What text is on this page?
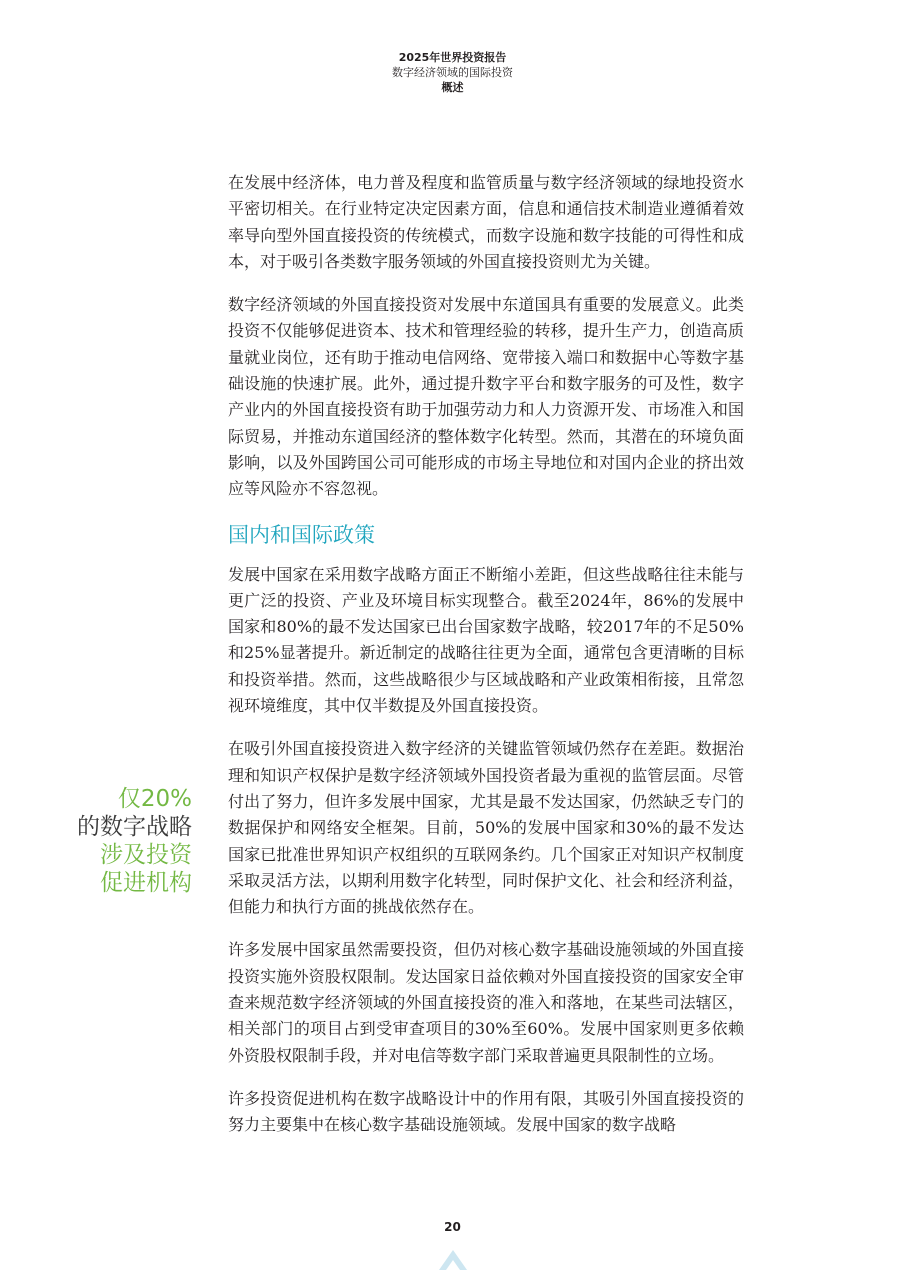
2025年世界投资报告
数字经济领域的国际投资
概述

在发展中经济体，电力普及程度和监管质量与数字经济领域的绿地投资水平密切相关。在行业特定决定因素方面，信息和通信技术制造业遵循着效率导向型外国直接投资的传统模式，而数字设施和数字技能的可得性和成本，对于吸引各类数字服务领域的外国直接投资则尤为关键。

数字经济领域的外国直接投资对发展中东道国具有重要的发展意义。此类投资不仅能够促进资本、技术和管理经验的转移，提升生产力，创造高质量就业岗位，还有助于推动电信网络、宽带接入端口和数据中心等数字基础设施的快速扩展。此外，通过提升数字平台和数字服务的可及性，数字产业内的外国直接投资有助于加强劳动力和人力资源开发、市场准入和国际贸易，并推动东道国经济的整体数字化转型。然而，其潜在的环境负面影响，以及外国跨国公司可能形成的市场主导地位和对国内企业的挤出效应等风险亦不容忽视。

国内和国际政策

发展中国家在采用数字战略方面正不断缩小差距，但这些战略往往未能与更广泛的投资、产业及环境目标实现整合。截至2024年，86%的发展中国家和80%的最不发达国家已出台国家数字战略，较2017年的不足50%和25%显著提升。新近制定的战略往往更为全面，通常包含更清晰的目标和投资举措。然而，这些战略很少与区域战略和产业政策相衔接，且常忽视环境维度，其中仅半数提及外国直接投资。

在吸引外国直接投资进入数字经济的关键监管领域仍然存在差距。数据治理和知识产权保护是数字经济领域外国投资者最为重视的监管层面。尽管付出了努力，但许多发展中国家，尤其是最不发达国家，仍然缺乏专门的数据保护和网络安全框架。目前，50%的发展中国家和30%的最不发达国家已批准世界知识产权组织的互联网条约。几个国家正对知识产权制度采取灵活方法，以期利用数字化转型，同时保护文化、社会和经济利益，但能力和执行方面的挑战依然存在。

许多发展中国家虽然需要投资，但仍对核心数字基础设施领域的外国直接投资实施外资股权限制。发达国家日益依赖对外国直接投资的国家安全审查来规范数字经济领域的外国直接投资的准入和落地，在某些司法辖区，相关部门的项目占到受审查项目的30%至60%。发展中国家则更多依赖外资股权限制手段，并对电信等数字部门采取普遍更具限制性的立场。

许多投资促进机构在数字战略设计中的作用有限，其吸引外国直接投资的努力主要集中在核心数字基础设施领域。发展中国家的数字战略

仅20%
的数字战略
涉及投资
促进机构
20
